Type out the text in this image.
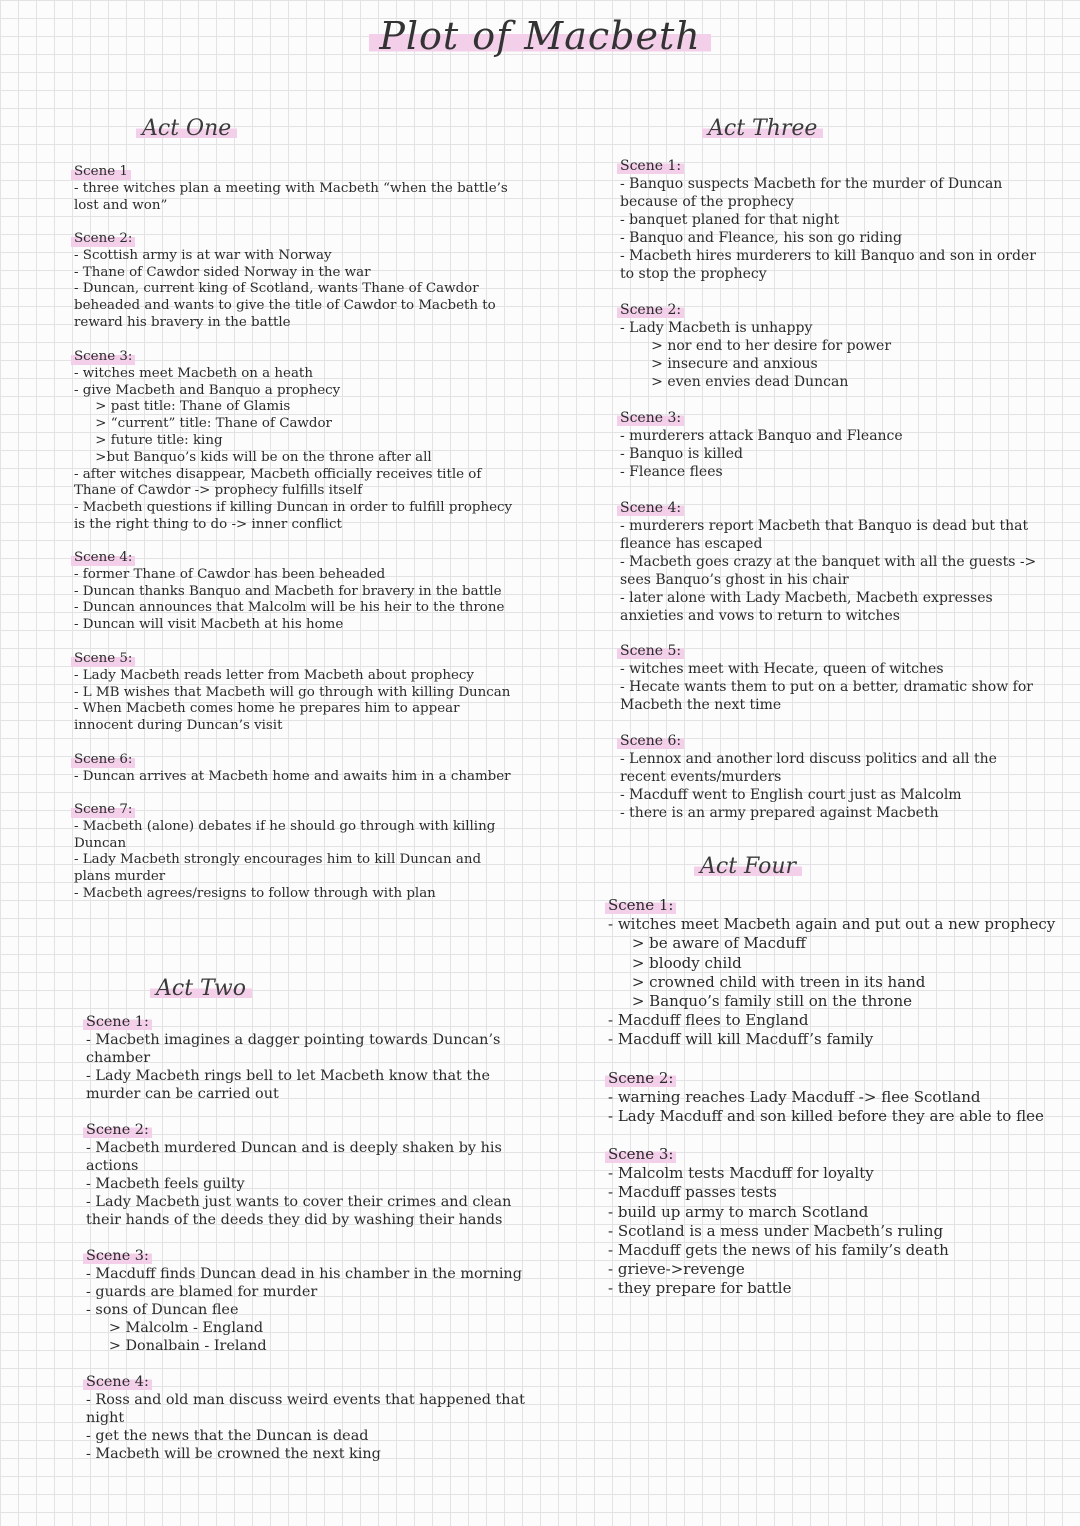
Plot of Macbeth
Act One
Act Two
Act Three
Act Four
Scene 1
- three witches plan a meeting with Macbeth “when the battle’s
lost and won”
Scene 2:
- Scottish army is at war with Norway
- Thane of Cawdor sided Norway in the war
- Duncan, current king of Scotland, wants Thane of Cawdor
beheaded and wants to give the title of Cawdor to Macbeth to
reward his bravery in the battle
Scene 3:
- witches meet Macbeth on a heath
- give Macbeth and Banquo a prophecy
> past title: Thane of Glamis
> “current” title: Thane of Cawdor
> future title: king
>but Banquo’s kids will be on the throne after all
- after witches disappear, Macbeth officially receives title of
Thane of Cawdor -> prophecy fulfills itself
- Macbeth questions if killing Duncan in order to fulfill prophecy
is the right thing to do -> inner conflict
Scene 4:
- former Thane of Cawdor has been beheaded
- Duncan thanks Banquo and Macbeth for bravery in the battle
- Duncan announces that Malcolm will be his heir to the throne
- Duncan will visit Macbeth at his home
Scene 5:
- Lady Macbeth reads letter from Macbeth about prophecy
- L MB wishes that Macbeth will go through with killing Duncan
- When Macbeth comes home he prepares him to appear
innocent during Duncan’s visit
Scene 6:
- Duncan arrives at Macbeth home and awaits him in a chamber
Scene 7:
- Macbeth (alone) debates if he should go through with killing
Duncan
- Lady Macbeth strongly encourages him to kill Duncan and
plans murder
- Macbeth agrees/resigns to follow through with plan
Scene 1:
- Macbeth imagines a dagger pointing towards Duncan’s
chamber
- Lady Macbeth rings bell to let Macbeth know that the
murder can be carried out
Scene 2:
- Macbeth murdered Duncan and is deeply shaken by his
actions
- Macbeth feels guilty
- Lady Macbeth just wants to cover their crimes and clean
their hands of the deeds they did by washing their hands
Scene 3:
- Macduff finds Duncan dead in his chamber in the morning
- guards are blamed for murder
- sons of Duncan flee
> Malcolm - England
> Donalbain - Ireland
Scene 4:
- Ross and old man discuss weird events that happened that
night
- get the news that the Duncan is dead
- Macbeth will be crowned the next king
Scene 1:
- Banquo suspects Macbeth for the murder of Duncan
because of the prophecy
- banquet planed for that night
- Banquo and Fleance, his son go riding
- Macbeth hires murderers to kill Banquo and son in order
to stop the prophecy
Scene 2:
- Lady Macbeth is unhappy
> nor end to her desire for power
> insecure and anxious
> even envies dead Duncan
Scene 3:
- murderers attack Banquo and Fleance
- Banquo is killed
- Fleance flees
Scene 4:
- murderers report Macbeth that Banquo is dead but that
fleance has escaped
- Macbeth goes crazy at the banquet with all the guests ->
sees Banquo’s ghost in his chair
- later alone with Lady Macbeth, Macbeth expresses
anxieties and vows to return to witches
Scene 5:
- witches meet with Hecate, queen of witches
- Hecate wants them to put on a better, dramatic show for
Macbeth the next time
Scene 6:
- Lennox and another lord discuss politics and all the
recent events/murders
- Macduff went to English court just as Malcolm
- there is an army prepared against Macbeth
Scene 1:
- witches meet Macbeth again and put out a new prophecy
> be aware of Macduff
> bloody child
> crowned child with treen in its hand
> Banquo’s family still on the throne
- Macduff flees to England
- Macduff will kill Macduff’s family
Scene 2:
- warning reaches Lady Macduff -> flee Scotland
- Lady Macduff and son killed before they are able to flee
Scene 3:
- Malcolm tests Macduff for loyalty
- Macduff passes tests
- build up army to march Scotland
- Scotland is a mess under Macbeth’s ruling
- Macduff gets the news of his family’s death
- grieve->revenge
- they prepare for battle
